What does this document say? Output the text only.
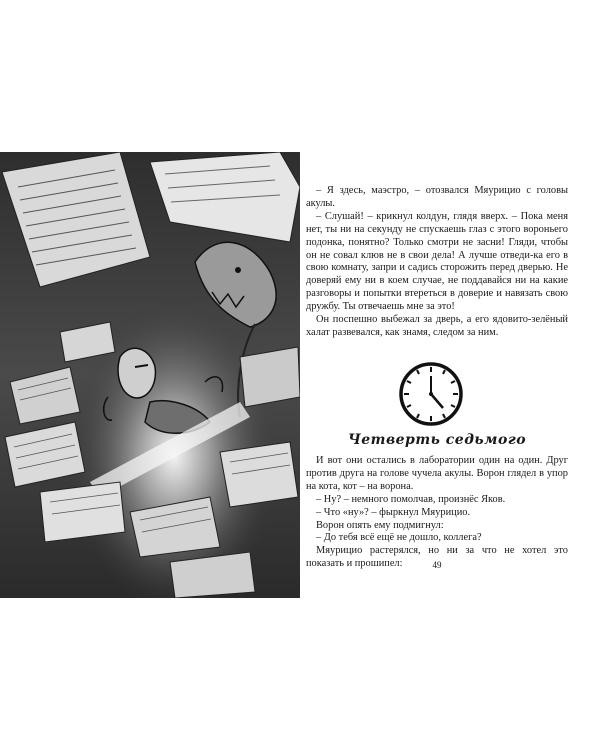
– Я здесь, маэстро, – отозвался Мяурицио с головы акулы.

– Слушай! – крикнул колдун, глядя вверх. – Пока меня нет, ты ни на секунду не спускаешь глаз с этого вороньего подонка, понятно? Только смотри не засни! Гляди, чтобы он не совал клюв не в свои дела! А лучше отведи-ка его в свою комнату, запри и садись сторожить перед дверью. Не доверяй ему ни в коем случае, не поддавайся ни на какие разговоры и попытки втереться в доверие и навязать свою дружбу. Ты отвечаешь мне за это!

Он поспешно выбежал за дверь, а его ядовито-зелёный халат развевался, как знамя, следом за ним.

Четверть седьмого

И вот они остались в лаборатории один на один. Друг против друга на голове чучела акулы. Ворон глядел в упор на кота, кот – на ворона.

– Ну? – немного помолчав, произнёс Яков.

– Что «ну»? – фыркнул Мяурицио.

Ворон опять ему подмигнул:

– До тебя всё ещё не дошло, коллега?

Мяурицио растерялся, но ни за что не хотел это показать и прошипел:	49
